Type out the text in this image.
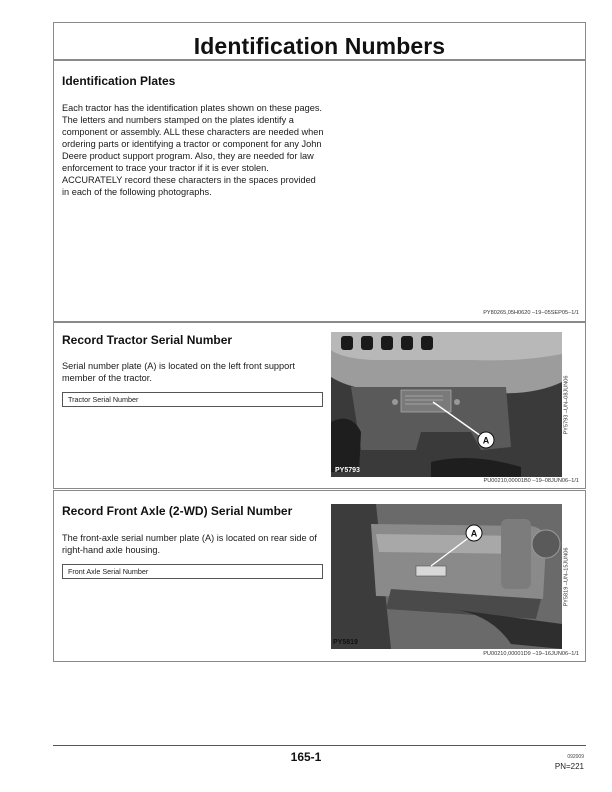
Identification Numbers
Identification Plates
Each tractor has the identification plates shown on these pages. The letters and numbers stamped on the plates identify a component or assembly. ALL these characters are needed when ordering parts or identifying a tractor or component for any John Deere product support program. Also, they are needed for law enforcement to trace your tractor if it is ever stolen. ACCURATELY record these characters in the spaces provided in each of the following photographs.
PY80265,05H0620 –19–05SEP05–1/1
Record Tractor Serial Number
Serial number plate (A) is located on the left front support member of the tractor.
Tractor Serial Number
A
PY5793
PY5793 –UN–08JUN06
PU00210,00001B0 –19–08JUN06–1/1
Record Front Axle (2-WD) Serial Number
The front-axle serial number plate (A) is located on rear side of right-hand axle housing.
Front Axle Serial Number
A
PY5819
PY5819 –UN–15JUN06
PU00210,00001D9 –19–16JUN06–1/1
165-1	092009
PN=221
